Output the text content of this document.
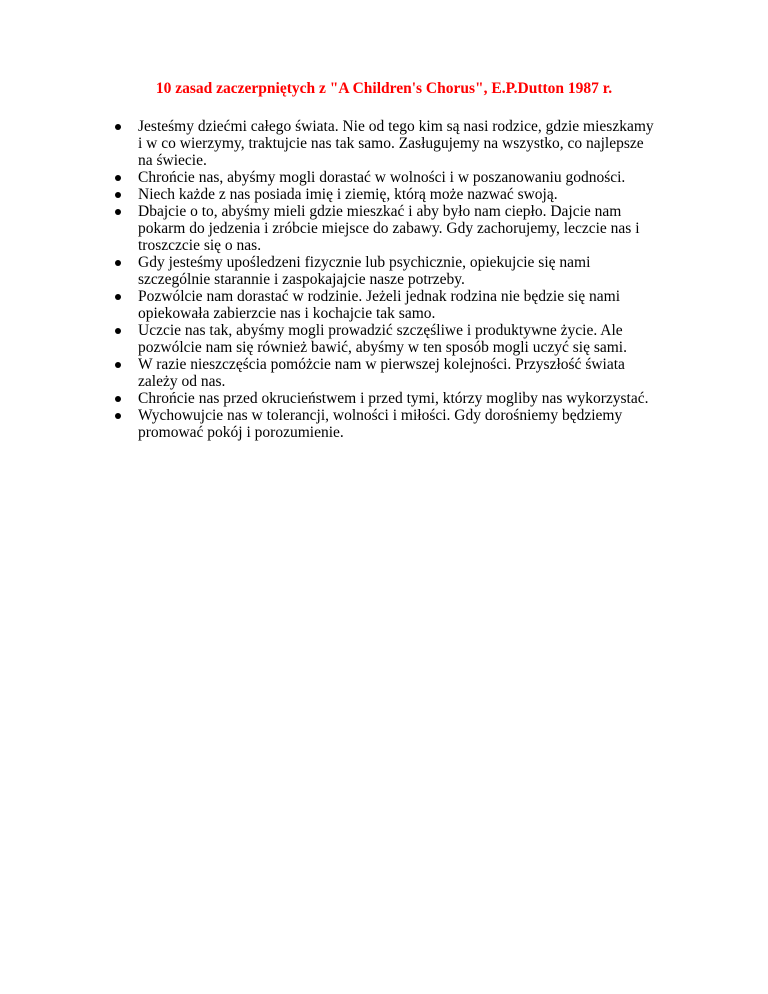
10 zasad zaczerpniętych z "A Children's Chorus", E.P.Dutton 1987 r.
Jesteśmy dziećmi całego świata. Nie od tego kim są nasi rodzice, gdzie mieszkamy i w co wierzymy, traktujcie nas tak samo. Zasługujemy na wszystko, co najlepsze na świecie.
Chrońcie nas, abyśmy mogli dorastać w wolności i w poszanowaniu godności.
Niech każde z nas posiada imię i ziemię, którą może nazwać swoją.
Dbajcie o to, abyśmy mieli gdzie mieszkać i aby było nam ciepło. Dajcie nam pokarm do jedzenia i zróbcie miejsce do zabawy. Gdy zachorujemy, leczcie nas i troszczcie się o nas.
Gdy jesteśmy upośledzeni fizycznie lub psychicznie, opiekujcie się nami szczególnie starannie i zaspokajajcie nasze potrzeby.
Pozwólcie nam dorastać w rodzinie. Jeżeli jednak rodzina nie będzie się nami opiekowała zabierzcie nas i kochajcie tak samo.
Uczcie nas tak, abyśmy mogli prowadzić szczęśliwe i produktywne życie. Ale pozwólcie nam się również bawić, abyśmy w ten sposób mogli uczyć się sami.
W razie nieszczęścia pomóżcie nam w pierwszej kolejności. Przyszłość świata zależy od nas.
Chrońcie nas przed okrucieństwem i przed tymi, którzy mogliby nas wykorzystać.
Wychowujcie nas w tolerancji, wolności i miłości. Gdy dorośniemy będziemy promować pokój i porozumienie.
